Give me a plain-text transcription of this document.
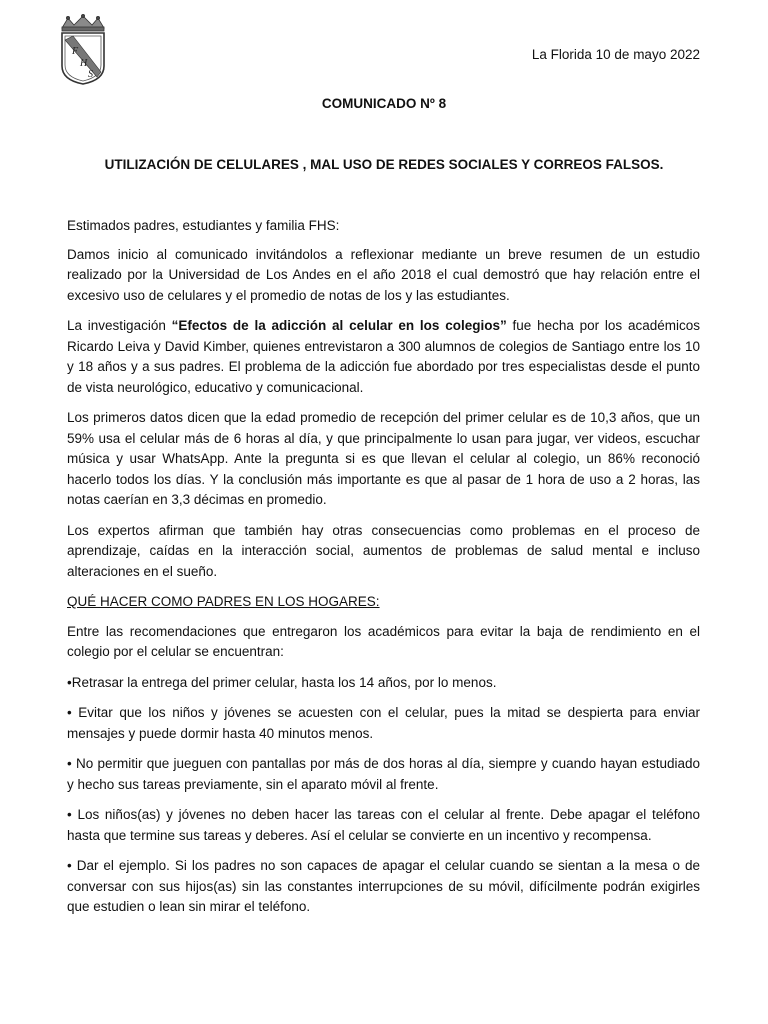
F
H
S
La Florida 10 de mayo 2022
COMUNICADO Nº 8
UTILIZACIÓN DE CELULARES , MAL USO DE REDES SOCIALES Y CORREOS FALSOS.

Estimados padres, estudiantes y familia FHS:

Damos inicio al comunicado invitándolos a reflexionar mediante un breve resumen de un estudio realizado por la Universidad de Los Andes en el año 2018 el cual demostró que hay relación entre el excesivo uso de celulares y el promedio de notas de los y las estudiantes.

La investigación “Efectos de la adicción al celular en los colegios” fue hecha por los académicos Ricardo Leiva y David Kimber, quienes entrevistaron a 300 alumnos de colegios de Santiago entre los 10 y 18 años y a sus padres. El problema de la adicción fue abordado por tres especialistas desde el punto de vista neurológico, educativo y comunicacional.

Los primeros datos dicen que la edad promedio de recepción del primer celular es de 10,3 años, que un 59% usa el celular más de 6 horas al día, y que principalmente lo usan para jugar, ver videos, escuchar música y usar WhatsApp. Ante la pregunta si es que llevan el celular al colegio, un 86% reconoció hacerlo todos los días. Y la conclusión más importante es que al pasar de 1 hora de uso a 2 horas, las notas caerían en 3,3 décimas en promedio.

Los expertos afirman que también hay otras consecuencias como problemas en el proceso de aprendizaje, caídas en la interacción social, aumentos de problemas de salud mental e incluso alteraciones en el sueño.

QUÉ HACER COMO PADRES EN LOS HOGARES:

Entre las recomendaciones que entregaron los académicos para evitar la baja de rendimiento en el colegio por el celular se encuentran:

•Retrasar la entrega del primer celular, hasta los 14 años, por lo menos.

• Evitar que los niños y jóvenes se acuesten con el celular, pues la mitad se despierta para enviar mensajes y puede dormir hasta 40 minutos menos.

• No permitir que jueguen con pantallas por más de dos horas al día, siempre y cuando hayan estudiado y hecho sus tareas previamente, sin el aparato móvil al frente.

• Los niños(as) y jóvenes no deben hacer las tareas con el celular al frente. Debe apagar el teléfono hasta que termine sus tareas y deberes. Así el celular se convierte en un incentivo y recompensa.

• Dar el ejemplo. Si los padres no son capaces de apagar el celular cuando se sientan a la mesa o de conversar con sus hijos(as) sin las constantes interrupciones de su móvil, difícilmente podrán exigirles que estudien o lean sin mirar el teléfono.
